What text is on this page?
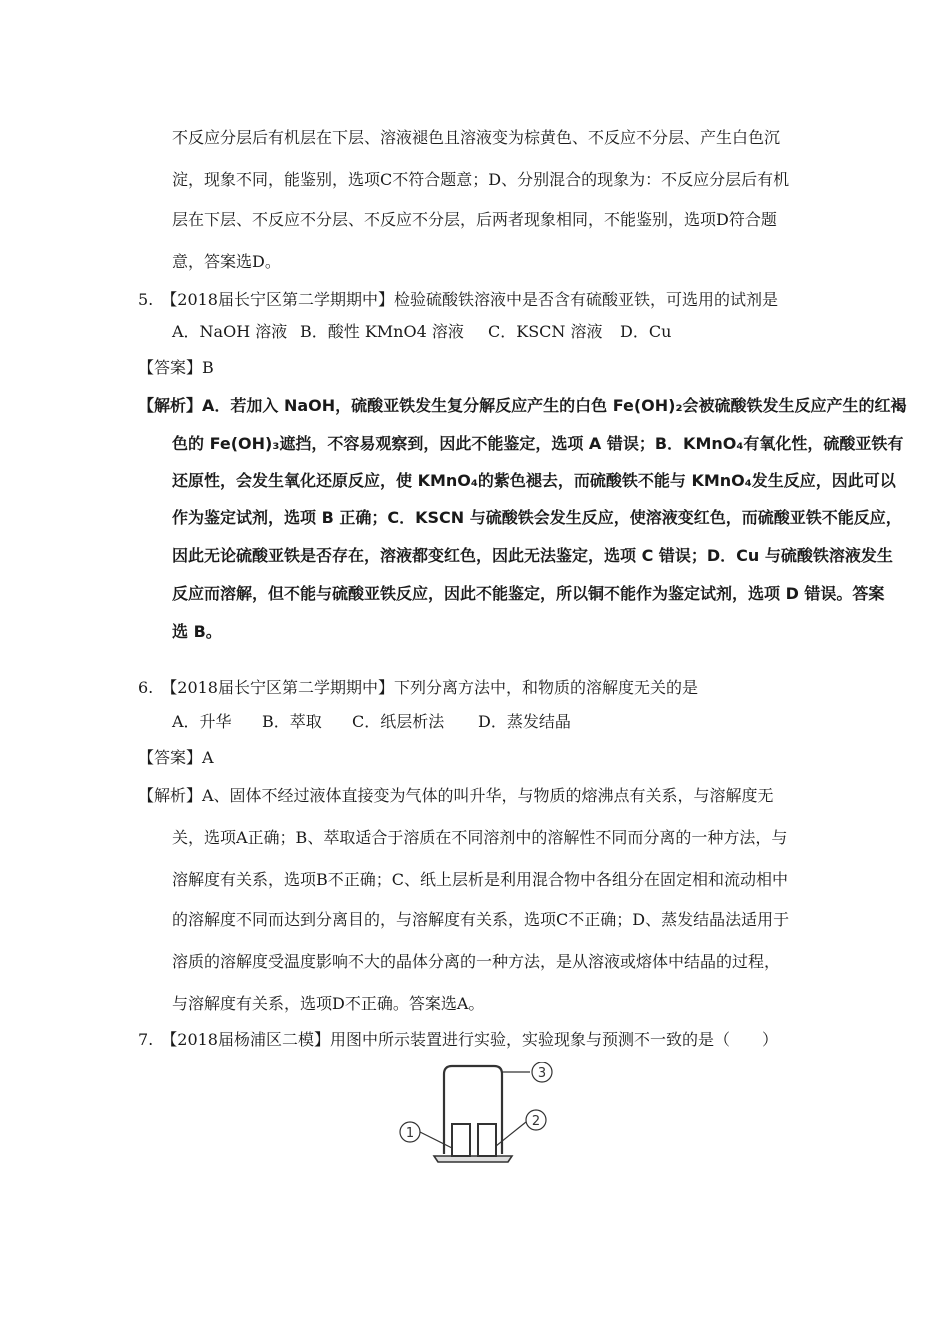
不反应分层后有机层在下层、溶液褪色且溶液变为棕黄色、不反应不分层、产生白色沉
淀，现象不同，能鉴别，选项C不符合题意；D、分别混合的现象为：不反应分层后有机
层在下层、不反应不分层、不反应不分层，后两者现象相同，不能鉴别，选项D符合题
意，答案选D。
5.　【2018届长宁区第二学期期中】检验硫酸铁溶液中是否含有硫酸亚铁，可选用的试剂是
A．NaOH 溶液 B．酸性 KMnO4 溶液 C．KSCN 溶液 D．Cu
【答案】B
【解析】A．若加入 NaOH，硫酸亚铁发生复分解反应产生的白色 Fe(OH)₂会被硫酸铁发生反应产生的红褐
色的 Fe(OH)₃遮挡，不容易观察到，因此不能鉴定，选项 A 错误；B．KMnO₄有氧化性，硫酸亚铁有
还原性，会发生氧化还原反应，使 KMnO₄的紫色褪去，而硫酸铁不能与 KMnO₄发生反应，因此可以
作为鉴定试剂，选项 B 正确；C．KSCN 与硫酸铁会发生反应，使溶液变红色，而硫酸亚铁不能反应，
因此无论硫酸亚铁是否存在，溶液都变红色，因此无法鉴定，选项 C 错误；D．Cu 与硫酸铁溶液发生
反应而溶解，但不能与硫酸亚铁反应，因此不能鉴定，所以铜不能作为鉴定试剂，选项 D 错误。答案
选 B。
6.　【2018届长宁区第二学期期中】下列分离方法中，和物质的溶解度无关的是
A．升华 B．萃取 C．纸层析法 D．蒸发结晶
【答案】A
【解析】A、固体不经过液体直接变为气体的叫升华，与物质的熔沸点有关系，与溶解度无
关，选项A正确；B、萃取适合于溶质在不同溶剂中的溶解性不同而分离的一种方法，与
溶解度有关系，选项B不正确；C、纸上层析是利用混合物中各组分在固定相和流动相中
的溶解度不同而达到分离目的，与溶解度有关系，选项C不正确；D、蒸发结晶法适用于
溶质的溶解度受温度影响不大的晶体分离的一种方法，是从溶液或熔体中结晶的过程，
与溶解度有关系，选项D不正确。答案选A。
7.　【2018届杨浦区二模】用图中所示装置进行实验，实验现象与预测不一致的是（　　）
1
2
3
